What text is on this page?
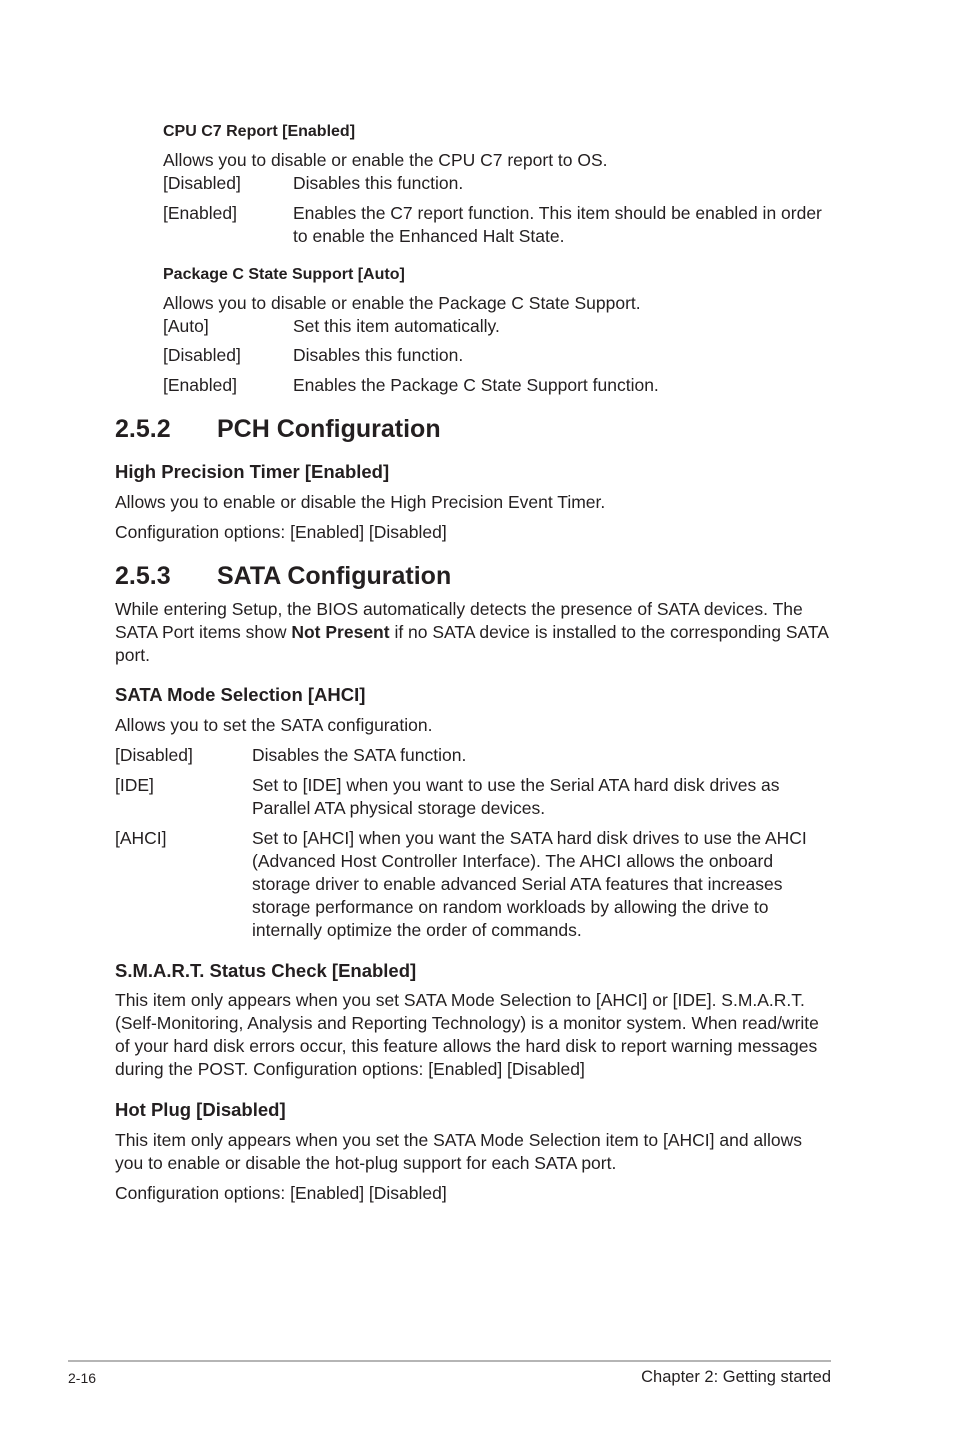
CPU C7 Report [Enabled]
Allows you to disable or enable the CPU C7 report to OS.
[Disabled]	Disables this function.
[Enabled]	Enables the C7 report function. This item should be enabled in order to enable the Enhanced Halt State.
Package C State Support [Auto]
Allows you to disable or enable the Package C State Support.
[Auto]	Set this item automatically.
[Disabled]	Disables this function.
[Enabled]	Enables the Package C State Support function.
2.5.2 PCH Configuration
High Precision Timer [Enabled]
Allows you to enable or disable the High Precision Event Timer.
Configuration options: [Enabled] [Disabled]
2.5.3 SATA Configuration

While entering Setup, the BIOS automatically detects the presence of SATA devices. The SATA Port items show Not Present if no SATA device is installed to the corresponding SATA port.

SATA Mode Selection [AHCI]
Allows you to set the SATA configuration.
[Disabled]	Disables the SATA function.
[IDE]	Set to [IDE] when you want to use the Serial ATA hard disk drives as Parallel ATA physical storage devices.
[AHCI]	Set to [AHCI] when you want the SATA hard disk drives to use the AHCI (Advanced Host Controller Interface). The AHCI allows the onboard storage driver to enable advanced Serial ATA features that increases storage performance on random workloads by allowing the drive to internally optimize the order of commands.
S.M.A.R.T. Status Check [Enabled]
This item only appears when you set SATA Mode Selection to [AHCI] or [IDE]. S.M.A.R.T. (Self-Monitoring, Analysis and Reporting Technology) is a monitor system. When read/write of your hard disk errors occur, this feature allows the hard disk to report warning messages during the POST. Configuration options: [Enabled] [Disabled]
Hot Plug [Disabled]
This item only appears when you set the SATA Mode Selection item to [AHCI] and allows you to enable or disable the hot-plug support for each SATA port.
Configuration options: [Enabled] [Disabled]
2-16	Chapter 2: Getting started
